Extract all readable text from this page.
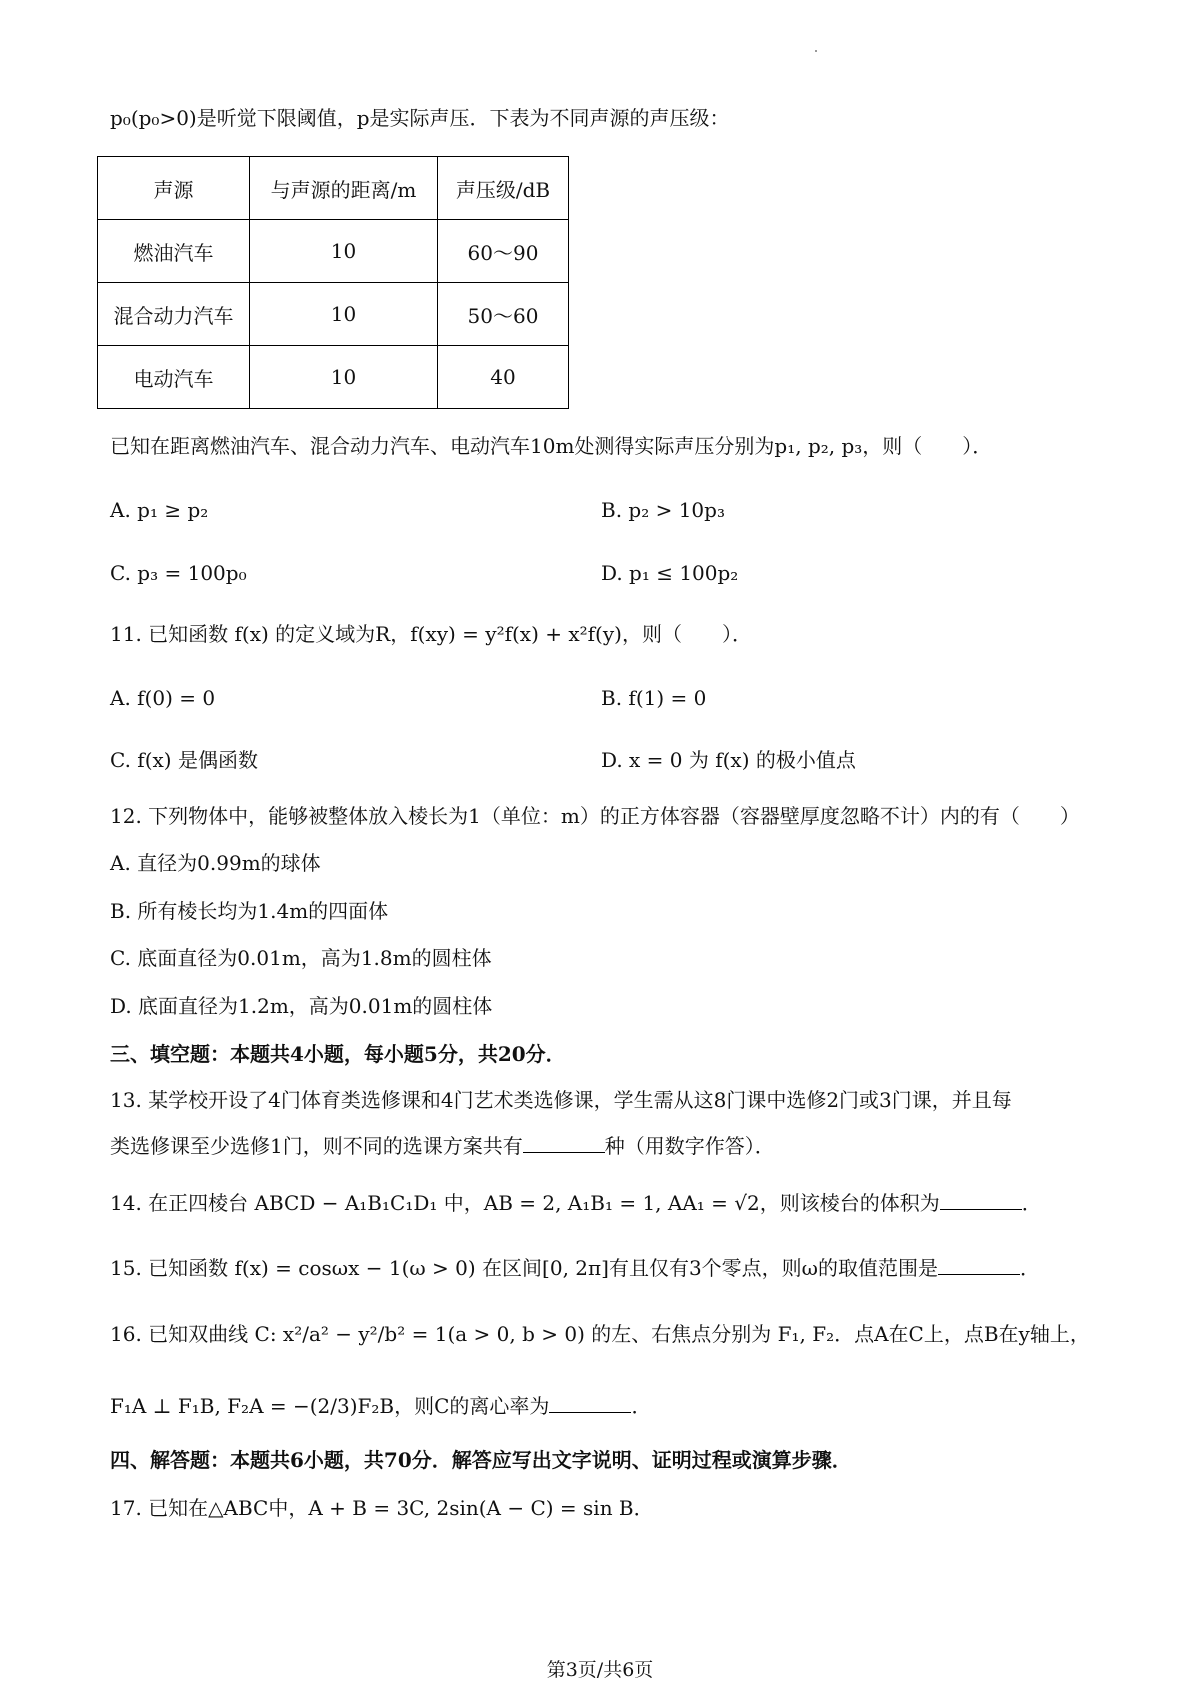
p₀(p₀>0)是听觉下限阈值，p是实际声压．下表为不同声源的声压级：
声源	与声源的距离/m	声压级/dB
燃油汽车	10	60～90
混合动力汽车	10	50～60
电动汽车	10	40
已知在距离燃油汽车、混合动力汽车、电动汽车10m处测得实际声压分别为p₁, p₂, p₃，则（　　）．
A. p₁ ≥ p₂	B. p₂ > 10p₃
C. p₃ = 100p₀	D. p₁ ≤ 100p₂
11. 已知函数 f(x) 的定义域为R，f(xy) = y²f(x) + x²f(y)，则（　　）．
A. f(0) = 0	B. f(1) = 0
C. f(x) 是偶函数	D. x = 0 为 f(x) 的极小值点
12. 下列物体中，能够被整体放入棱长为1（单位：m）的正方体容器（容器壁厚度忽略不计）内的有（　　）
A. 直径为0.99m的球体
B. 所有棱长均为1.4m的四面体
C. 底面直径为0.01m，高为1.8m的圆柱体
D. 底面直径为1.2m，高为0.01m的圆柱体
三、填空题：本题共4小题，每小题5分，共20分．
13. 某学校开设了4门体育类选修课和4门艺术类选修课，学生需从这8门课中选修2门或3门课，并且每
类选修课至少选修1门，则不同的选课方案共有	种（用数字作答）．
14. 在正四棱台 ABCD − A₁B₁C₁D₁ 中，AB = 2, A₁B₁ = 1, AA₁ = √2，则该棱台的体积为	．
15. 已知函数 f(x) = cosωx − 1(ω > 0) 在区间[0, 2π]有且仅有3个零点，则ω的取值范围是	．
16. 已知双曲线 C: x²/a² − y²/b² = 1(a > 0, b > 0) 的左、右焦点分别为 F₁, F₂．点A在C上，点B在y轴上，
F₁A ⊥ F₁B, F₂A = −(2/3)F₂B，则C的离心率为	．
四、解答题：本题共6小题，共70分．解答应写出文字说明、证明过程或演算步骤．
17. 已知在△ABC中，A + B = 3C, 2sin(A − C) = sin B．
第3页/共6页
